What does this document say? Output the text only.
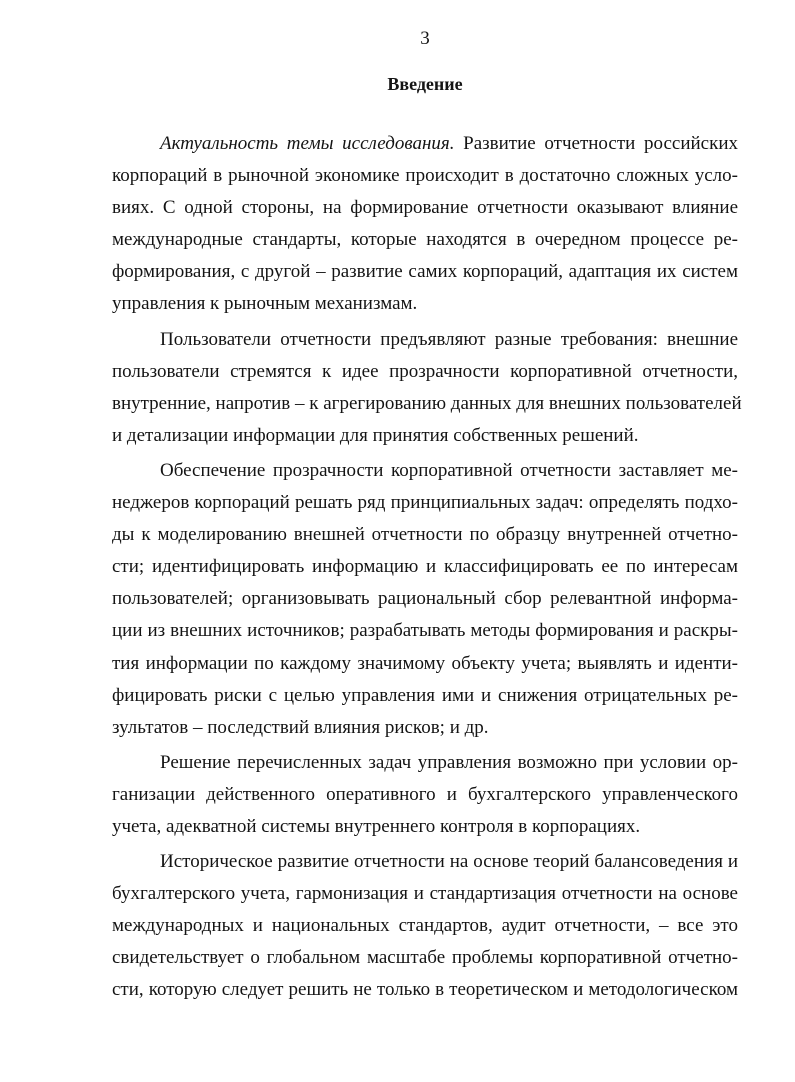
3
Введение
Актуальность темы исследования. Развитие отчетности российских
корпораций в рыночной экономике происходит в достаточно сложных усло-
виях. С одной стороны, на формирование отчетности оказывают влияние
международные стандарты, которые находятся в очередном процессе ре-
формирования, с другой – развитие самих корпораций, адаптация их систем
управления к рыночным механизмам.
Пользователи отчетности предъявляют разные требования: внешние
пользователи стремятся к идее прозрачности корпоративной отчетности,
внутренние, напротив – к агрегированию данных для внешних пользователей
и детализации информации для принятия собственных решений.
Обеспечение прозрачности корпоративной отчетности заставляет ме-
неджеров корпораций решать ряд принципиальных задач: определять подхо-
ды к моделированию внешней отчетности по образцу внутренней отчетно-
сти; идентифицировать информацию и классифицировать ее по интересам
пользователей; организовывать рациональный сбор релевантной информа-
ции из внешних источников; разрабатывать методы формирования и раскры-
тия информации по каждому значимому объекту учета; выявлять и иденти-
фицировать риски с целью управления ими и снижения отрицательных ре-
зультатов – последствий влияния рисков; и др.
Решение перечисленных задач управления возможно при условии ор-
ганизации действенного оперативного и бухгалтерского управленческого
учета, адекватной системы внутреннего контроля в корпорациях.
Историческое развитие отчетности на основе теорий балансоведения и
бухгалтерского учета, гармонизация и стандартизация отчетности на основе
международных и национальных стандартов, аудит отчетности, – все это
свидетельствует о глобальном масштабе проблемы корпоративной отчетно-
сти, которую следует решить не только в теоретическом и методологическом
